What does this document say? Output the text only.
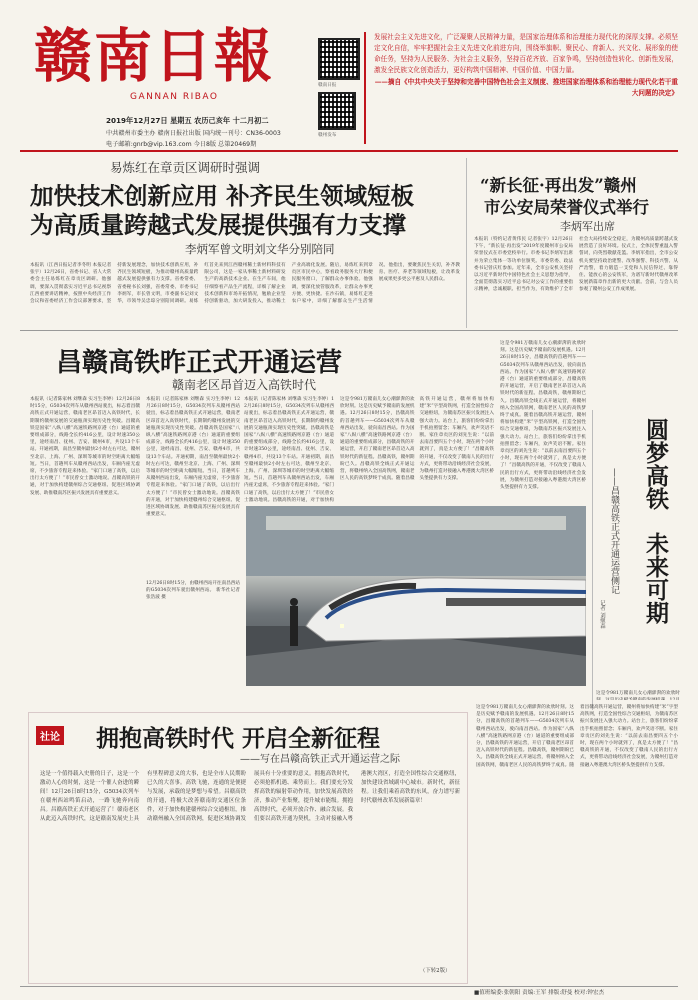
赣南日報
GANNAN RIBAO
赣南日报
赣州发布
2019年12月27日 星期五 农历己亥年 十二月初二
中共赣州市委主办 赣南日报社出版 国内统一刊号：CN36-0003
电子邮箱:gnrb@vip.163.com 今日8版 总第20469期
发展社会主义先进文化，广泛凝聚人民精神力量，是国家治理体系和治理能力现代化的深厚支撑。必须坚定文化自信，牢牢把握社会主义先进文化前进方向，围绕举旗帜、聚民心、育新人、兴文化、展形象的使命任务，坚持为人民服务、为社会主义服务，坚持百花齐放、百家争鸣，坚持创造性转化、创新性发展，激发全民族文化创造活力，更好构筑中国精神、中国价值、中国力量。
——摘自《中共中央关于坚持和完善中国特色社会主义制度、推进国家治理体系和治理能力现代化若干重大问题的决定》
易炼红在章贡区调研时强调
加快技术创新应用 补齐民生领域短板
为高质量跨越式发展提供强有力支撑
李炳军曾文明刘文华分别陪同
本报讯（江西日报记者李冬明 本报记者张宇）12月26日，省委书记、省人大常委会主任易炼红在章贡区调研。他强调，要深入贯彻落实习近平总书记视察江西重要讲话精神，按照中央经济工作会议和省委经济工作会议部署要求，坚持新发展理念，加快技术创新应用，补齐民生领域短板，为推动赣州高质量跨越式发展提供强有力支撑。省委常委、省委秘书长刘强，省委常委、市委书记李炳军，市长曾文明，市委副书记刘文华，市领导吴忠琼分别陪同调研。易炼红首先来到江西赣州稀土新材料科技有限公司，这是一家从事稀土新材料研发生产的高新技术企业。在生产车间，他仔细察看产品生产流程，详细了解企业技术创新和市场开拓情况，勉励企业坚持创新驱动，加大研发投入，推动稀土产业高端化发展。随后，易炼红来到章贡区市民中心，察看政务服务大厅和便民服务窗口，了解群众办事体验。他强调，要深化放管服改革，让群众办事更方便、更快捷。在沙石镇，易炼红走进农户家中，详细了解群众生产生活情况。他指出，要聚焦民生关切，补齐教育、医疗、养老等领域短板，让改革发展成果更多更公平惠及人民群众。
“新长征·再出发”赣州
市公安局荣誉仪式举行
李炳军出席
本报讯（特约记者黄伟民 记者张宇）12月26日下午，“新长征·再出发”2019年度赣州市公安局荣誉仪式在市委党校举行。市委书记李炳军出席并为荣立集体一等功单位颁奖。市委常委、政法委书记曾庆红参加。近年来，全市公安机关坚持以习近平新时代中国特色社会主义思想为指导，全面贯彻落实习近平总书记对公安工作的重要指示精神，忠诚履职、担当作为，有效维护了全市社会大局持续安全稳定，为赣州高质量跨越式发展营造了良好环境。仪式上，全体民警重温入警誓词，向英烈敬献花篮。李炳军指出，全市公安机关要坚持政治建警、改革强警、科技兴警、从严治警，着力锻造一支党和人民信得过、靠得住、能放心的公安铁军，为谱写新时代赣州改革发展新篇章作出新的更大贡献。会前，与会人员参观了赣州公安工作成果展。
昌赣高铁昨正式开通运营
赣南老区昂首迈入高铁时代
本报讯（记者陈家林 刘继森 实习生李婷）12月26日8时15分，G5034次列车从赣州西站驶出，标志着昌赣高铁正式开通运营，赣南老区昂首迈入高铁时代，长期制约赣州发展的交通瓶颈实现历史性突破。昌赣高铁是国家“八纵八横”高速铁路网京港（台）通道的重要组成部分，线路全长约416公里，设计时速350公里，途经南昌、抚州、吉安、赣州4市，共设13个车站。开通初期，南昌至赣州最快2小时左右可达，赣州至北京、上海、广州、深圳等城市的时空距离大幅缩短。当日，首趟列车从赣州西站出发，车厢内座无虚席，不少旅客专程赶来体验。“家门口通了高铁，以后出行太方便了！”市民曾女士激动地说。昌赣高铁的开通，对于加快构建赣州综合交通枢纽、促进区域协调发展、助推赣南苏区振兴发展具有重要意义。
本报讯（记者陈家林 刘继森 实习生李婷）12月26日8时15分，G5034次列车从赣州西站驶出，标志着昌赣高铁正式开通运营，赣南老区昂首迈入高铁时代，长期制约赣州发展的交通瓶颈实现历史性突破。昌赣高铁是国家“八纵八横”高速铁路网京港（台）通道的重要组成部分，线路全长约416公里，设计时速350公里，途经南昌、抚州、吉安、赣州4市，共设13个车站。开通初期，南昌至赣州最快2小时左右可达，赣州至北京、上海、广州、深圳等城市的时空距离大幅缩短。当日，首趟列车从赣州西站出发，车厢内座无虚席，不少旅客专程赶来体验。“家门口通了高铁，以后出行太方便了！”市民曾女士激动地说。昌赣高铁的开通，对于加快构建赣州综合交通枢纽、促进区域协调发展、助推赣南苏区振兴发展具有重要意义。
本报讯（记者陈家林 刘继森 实习生李婷）12月26日8时15分，G5034次列车从赣州西站驶出，标志着昌赣高铁正式开通运营，赣南老区昂首迈入高铁时代，长期制约赣州发展的交通瓶颈实现历史性突破。昌赣高铁是国家“八纵八横”高速铁路网京港（台）通道的重要组成部分，线路全长约416公里，设计时速350公里，途经南昌、抚州、吉安、赣州4市，共设13个车站。开通初期，南昌至赣州最快2小时左右可达，赣州至北京、上海、广州、深圳等城市的时空距离大幅缩短。当日，首趟列车从赣州西站出发，车厢内座无虚席，不少旅客专程赶来体验。“家门口通了高铁，以后出行太方便了！”市民曾女士激动地说。昌赣高铁的开通，对于加快构
12月26日8时15分，由赣州西站开往南昌西站的G5034次列车驶出赣州西站。 新华社记者 张浩波 摄
这是令981万赣南儿女心潮澎湃的欢欣时刻。这是历史赋予赣南的发展机遇。12月26日8时15分，昌赣高铁的首趟列车——G5034次列车从赣州西站出发，驶向南昌西站。作为国家“八纵八横”高速铁路网京港（台）通道的重要组成部分，昌赣高铁的开通运营，开启了赣南老区昂首迈入高铁时代的新征程。昌赣高铁，赣州期盼已久。昌赣高铁全线正式开通运营，将赣州纳入全国高铁网，赣南老区人民的高铁梦终于成真。随着昌赣高铁开通运营，赣州将加快构建“米”字型高铁网，打造全国性综合交通枢纽，为赣南苏区振兴发展注入强大动力。站台上，旅客们纷纷拿出手机拍照留念；车厢内，欢声笑语不断。家住章贡区的刘先生说：“以前去南昌要四五个小时，现在两个小时就到了，真是太方便了！”昌赣高铁的开通，不仅改变了赣南人民的出行方式，更将带动沿线经济社会发展，为赣州打造对接融入粤港澳大湾区桥头堡提供有力支撑。
这是令981万赣南儿女心潮澎湃的欢欣时刻。这是历史赋予赣南的发展机遇。12月26日8时15分，昌赣高铁的首趟列车——G5034次列车从赣州西站出发，驶向南昌西站。作为国家“八纵八横”高速铁路网京港（台）通道的重要组成部分，昌赣高铁的开通运营，开启了赣南老区昂首迈入高铁时代的新征程。昌赣高铁，赣州期盼已久。昌赣高铁全线正式开通运营，将赣州纳入全国高铁网，赣南老区人民的高铁梦终于成真。随着昌赣高铁开通运营，赣州将加快构建“米”字型高铁网，打造全国性综合交通枢纽，为赣南苏区振兴发展注入强大动力。站台上，旅客们纷纷拿出手机拍照留念；车厢内，欢声笑语不断。家住章贡区的刘先生说：“以前去南昌要四五个小时，现在两个小时就到了，真是太方便了！”昌赣高铁的开通，不仅改变了赣南人民的出行方式，更将带动沿线经济社会发展，为赣州打造对接融入粤港澳大湾区桥头堡提供有力支撑。	圆梦高铁
未来可期
——昌赣高铁正式开通运营侧记
记者 刘继森
这是令981万赣南儿女心潮澎湃的欢欣时
社论 拥抱高铁时代 开启全新征程
——写在昌赣高铁正式开通运营之际
这是一个值得载入史册的日子，这是一个激动人心的时刻，这是一个催人奋进的瞬间！12月26日8时15分，G5034次列车在赣州西站鸣笛启动，一路飞驰奔向南昌。昌赣高铁正式开通运营了！赣南老区从此迈入高铁时代，这是赣南发展史上具有里程碑意义的大事，也是全市人民期盼已久的大喜事。高铁飞驰，连通的是便捷与发展，承载的是梦想与希望。昌赣高铁的开通，将极大改善赣南的交通区位条件，对于加快构建赣州综合交通枢纽，推动赣州融入全国高铁网，促进区域协调发展具有十分重要的意义。拥抱高铁时代，必须抢抓机遇、乘势而上。我们要充分发挥高铁的辐射带动作用，加快发展高铁经济，推动产业集聚，提升城市能级。拥抱高铁时代，必须开放合作、融合发展。我们要以高铁开通为契机，主动对接融入粤港澳大湾区，打造全国性综合交通枢纽，加快建设省域副中心城市。新时代，新征程。让我们乘着高铁的东风，奋力谱写新时代赣州改革发展新篇章！
（下转2版）
这是令981万赣南儿女心潮澎湃的欢欣时刻。这是历史赋予赣南的发展机遇。12月26日8时15分，昌赣高铁的首趟列车——G5034次列车从赣州西站出发，驶向南昌西站。作为国家“八纵八横”高速铁路网京港（台）通道的重要组成部分，昌赣高铁的开通运营，开启了赣南老区昂首迈入高铁时代的新征程。昌赣高铁，赣州期盼已久。昌赣高铁全线正式开通运营，将赣州纳入全国高铁网，赣南老区人民的高铁梦终于成真。随着昌赣高铁开通运营，赣州将加快构建“米”字型高铁网，打造全国性综合交通枢纽，为赣南苏区振兴发展注入强大动力。站台上，旅客们纷纷拿出手机拍照留念；车厢内，欢声笑语不断。家住章贡区的刘先生说：“以前去南昌要四五个小时，现在两个小时就到了，真是太方便了！”昌赣高铁的开通，不仅改变了赣南人民的出行方式，更将带动沿线经济社会发展，为赣州打造对接融入粤港澳大湾区桥头堡提供有力支撑。
■值班编委:张朝阳 责编:王军 排版:舒曼 校对:钟宏杰
